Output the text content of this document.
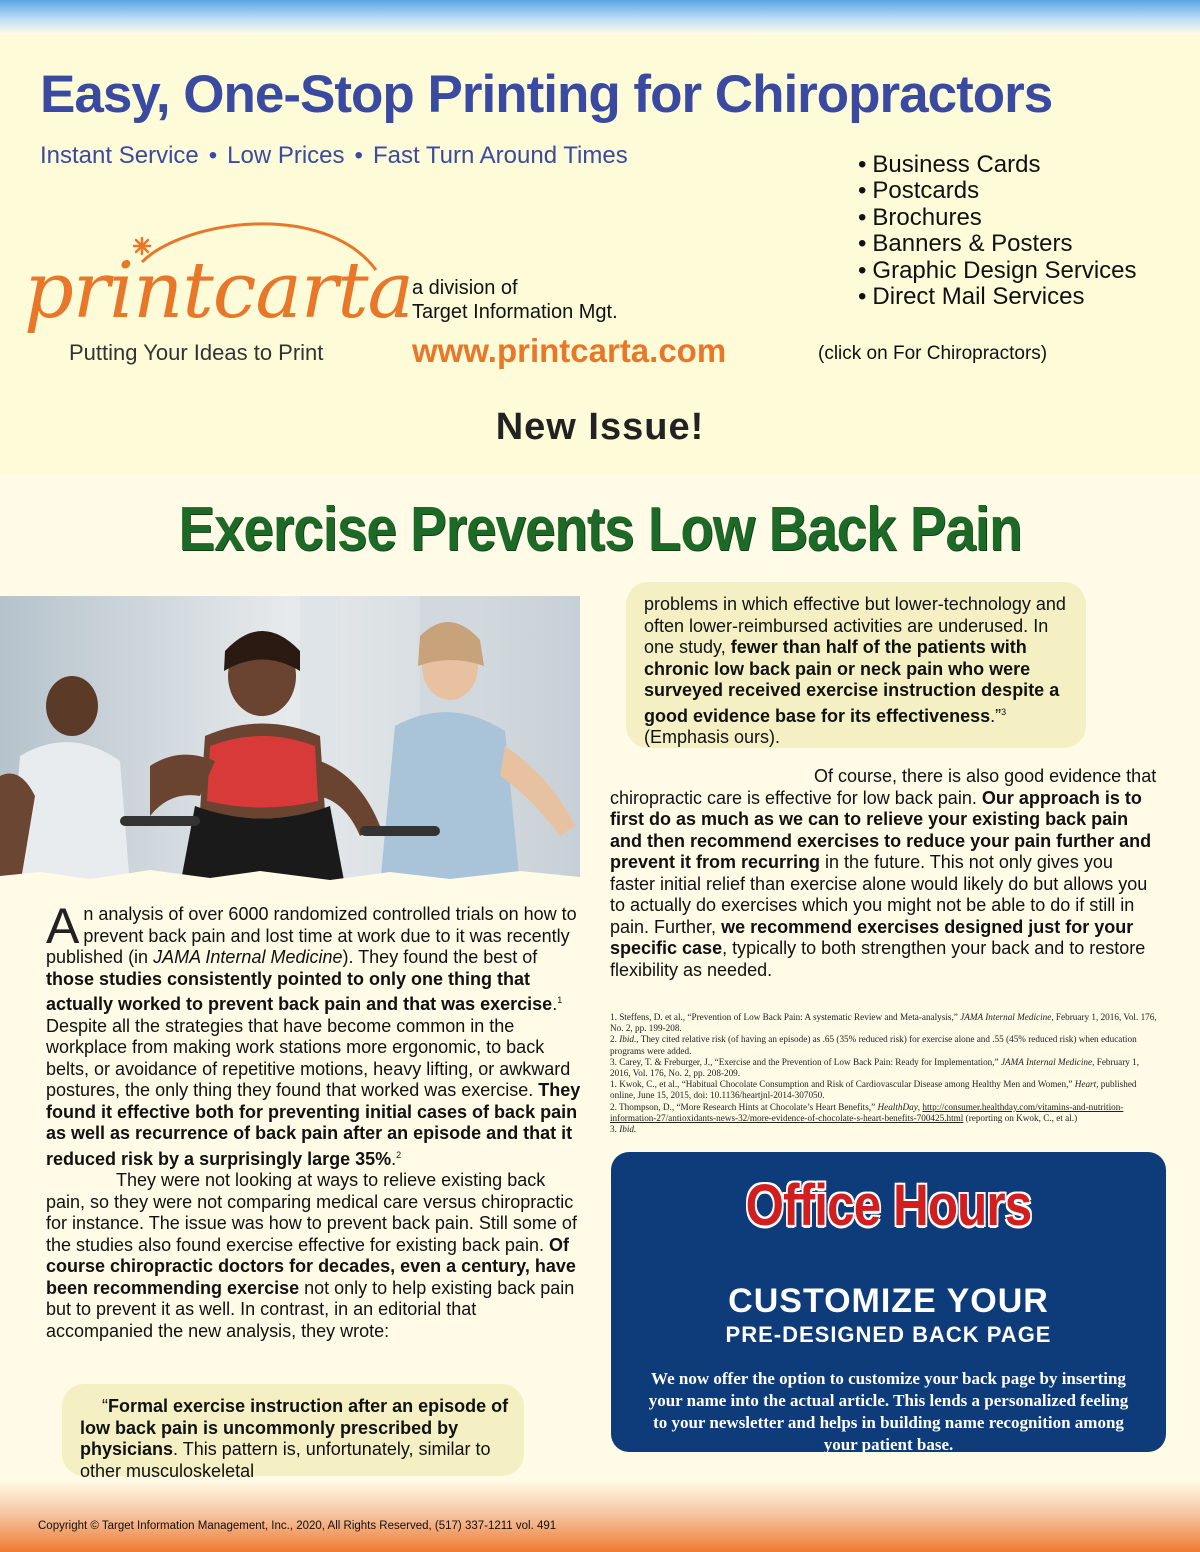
Easy, One-Stop Printing for Chiropractors
Instant Service • Low Prices • Fast Turn Around Times
•	Business Cards
• Postcards
• Brochures
• Banners & Posters
• Graphic Design Services
• Direct Mail Services
printcarta
Putting Your Ideas to Print
a division of
Target Information Mgt.
www.printcarta.com	(click on For Chiropractors)
New Issue!
Exercise Prevents Low Back Pain

An analysis of over 6000 randomized controlled trials on how to prevent back pain and lost time at work due to it was recently published (in JAMA Internal Medicine). They found the best of those studies consistently pointed to only one thing that actually worked to prevent back pain and that was exercise.$^1$ Despite all the strategies that have become common in the workplace from making work stations more ergonomic, to back belts, or avoidance of repetitive motions, heavy lifting, or awkward postures, the only thing they found that worked was exercise. They found it effective both for preventing initial cases of back pain as well as recurrence of back pain after an episode and that it reduced risk by a surprisingly large 35%.$^2$

They were not looking at ways to relieve existing back pain, so they were not comparing medical care versus chiropractic for instance. The issue was how to prevent back pain. Still some of the studies also found exercise effective for existing back pain. Of course chiropractic doctors for decades, even a century, have been recommending exercise not only to help existing back pain but to prevent it as well. In contrast, in an editorial that accompanied the new analysis, they wrote:

“Formal exercise instruction after an episode of low back pain is uncommonly prescribed by physicians. This pattern is, unfortunately, similar to other musculoskeletal

problems in which effective but lower-technology and often lower-reimbursed activities are underused. In one study, fewer than half of the patients with chronic low back pain or neck pain who were surveyed received exercise instruction despite a good evidence base for its effectiveness.”$^3$ (Emphasis ours).

Of course, there is also good evidence that chiropractic care is effective for low back pain. Our approach is to first do as much as we can to relieve your existing back pain and then recommend exercises to reduce your pain further and prevent it from recurring in the future. This not only gives you faster initial relief than exercise alone would likely do but allows you to actually do exercises which you might not be able to do if still in pain. Further, we recommend exercises designed just for your specific case, typically to both strengthen your back and to restore flexibility as needed.

1. Steffens, D. et al., “Prevention of Low Back Pain: A systematic Review and Meta-analysis,” JAMA Internal Medicine, February 1, 2016, Vol. 176, No. 2, pp. 199-208.

2. Ibid., They cited relative risk (of having an episode) as .65 (35% reduced risk) for exercise alone and .55 (45% reduced risk) when education programs were added.

3. Carey, T. & Freburger, J., “Exercise and the Prevention of Low Back Pain: Ready for Implementation,” JAMA Internal Medicine, February 1, 2016, Vol. 176, No. 2, pp. 208-209.

1. Kwok, C., et al., “Habitual Chocolate Consumption and Risk of Cardiovascular Disease among Healthy Men and Women,” Heart, published online, June 15, 2015, doi: 10.1136/heartjnl-2014-307050.

2. Thompson, D., “More Research Hints at Chocolate’s Heart Benefits,” HealthDay, http://consumer.healthday.com/vitamins-and-nutrition-information-27/antioxidants-news-32/more-evidence-of-chocolate-s-heart-benefits-700425.html (reporting on Kwok, C., et al.)

3. Ibid.

Office Hours
CUSTOMIZE YOUR
PRE-DESIGNED BACK PAGE

We now offer the option to customize your back page by inserting your name into the actual article. This lends a personalized feeling to your newsletter and helps in building name recognition among your patient base.

Copyright © Target Information Management, Inc., 2020, All Rights Reserved, (517) 337-1211 vol. 491
